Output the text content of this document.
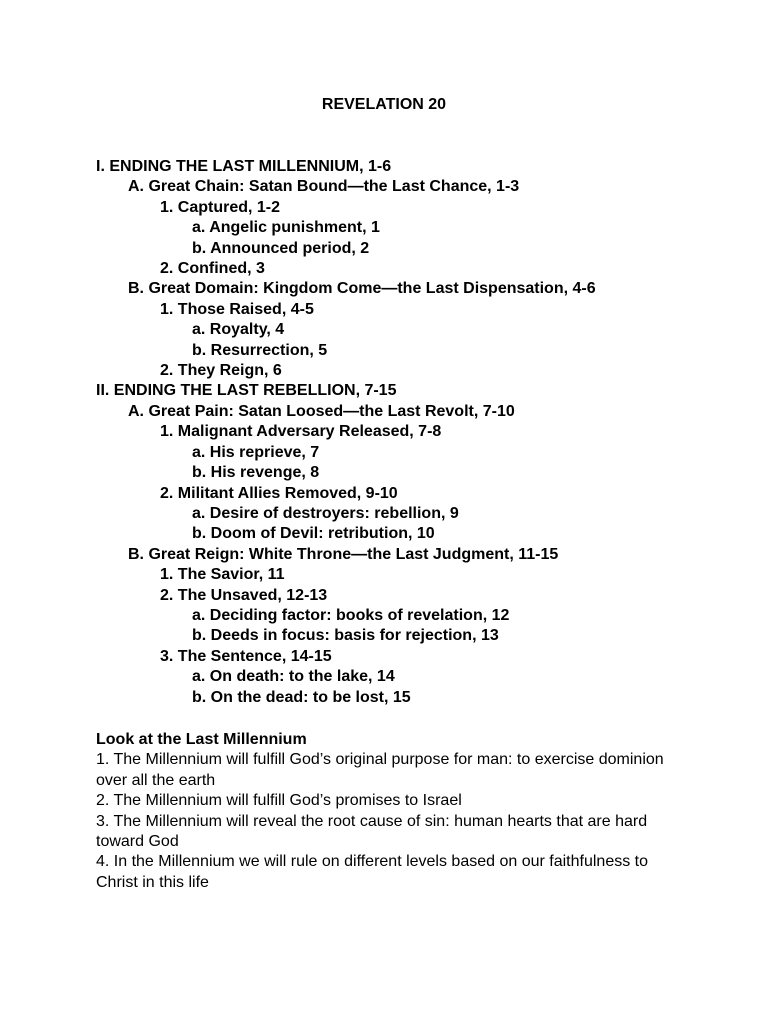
REVELATION 20
I. ENDING THE LAST MILLENNIUM, 1-6
A. Great Chain: Satan Bound—the Last Chance, 1-3
1. Captured, 1-2
a. Angelic punishment, 1
b. Announced period, 2
2. Confined, 3
B. Great Domain: Kingdom Come—the Last Dispensation, 4-6
1. Those Raised, 4-5
a. Royalty, 4
b. Resurrection, 5
2. They Reign, 6
II. ENDING THE LAST REBELLION, 7-15
A. Great Pain: Satan Loosed—the Last Revolt, 7-10
1. Malignant Adversary Released, 7-8
a. His reprieve, 7
b. His revenge, 8
2. Militant Allies Removed, 9-10
a. Desire of destroyers: rebellion, 9
b. Doom of Devil: retribution, 10
B. Great Reign: White Throne—the Last Judgment, 11-15
1. The Savior, 11
2. The Unsaved, 12-13
a. Deciding factor: books of revelation, 12
b. Deeds in focus: basis for rejection, 13
3. The Sentence, 14-15
a. On death: to the lake, 14
b. On the dead: to be lost, 15
Look at the Last Millennium
1. The Millennium will fulfill God’s original purpose for man: to exercise dominion over all the earth
2. The Millennium will fulfill God’s promises to Israel
3. The Millennium will reveal the root cause of sin: human hearts that are hard toward God
4. In the Millennium we will rule on different levels based on our faithfulness to Christ in this life
